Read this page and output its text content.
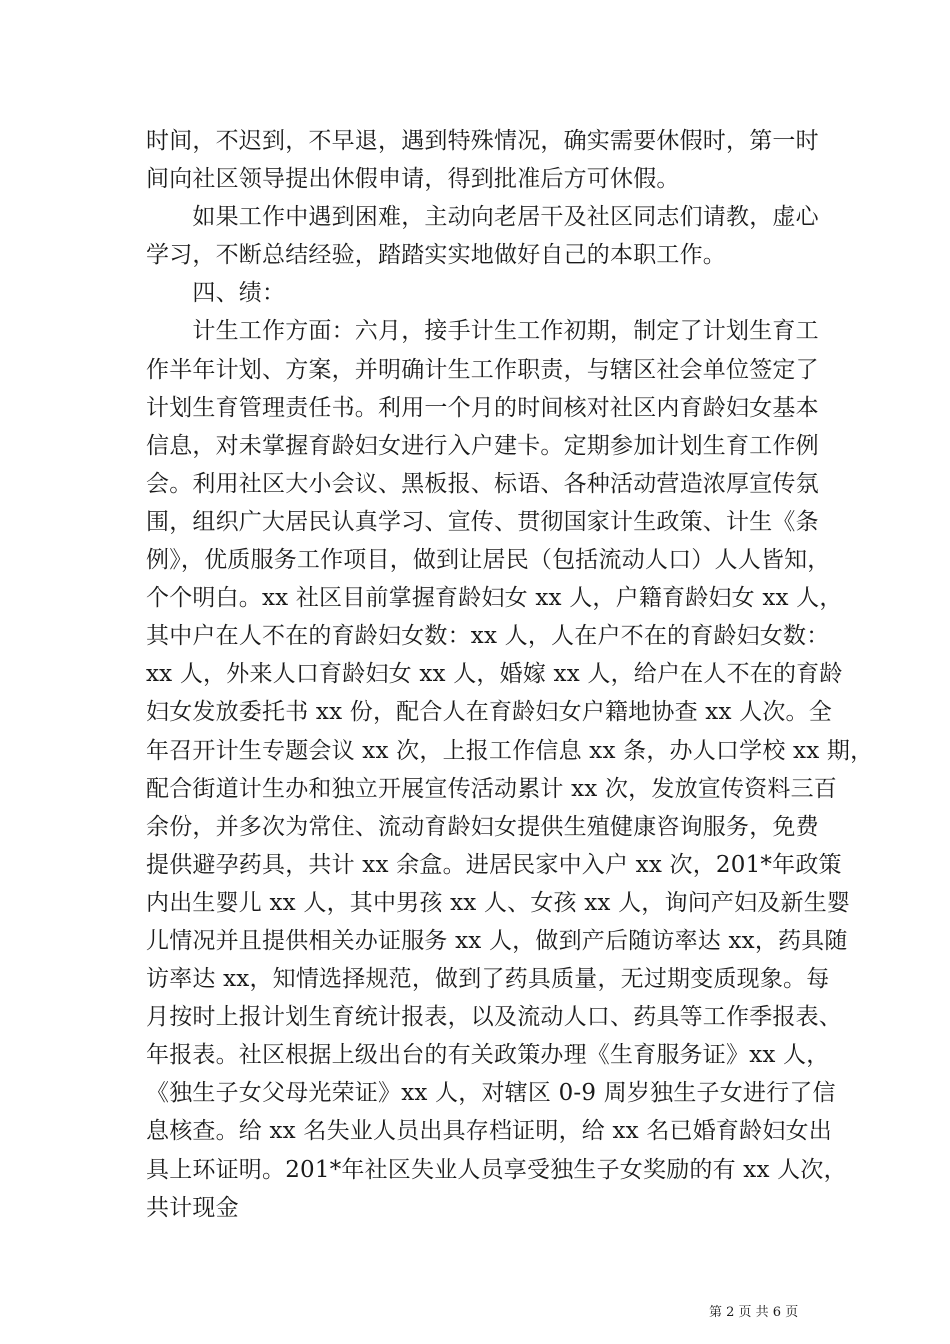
时间，不迟到，不早退，遇到特殊情况，确实需要休假时，第一时
间向社区领导提出休假申请，得到批准后方可休假。
　　如果工作中遇到困难，主动向老居干及社区同志们请教，虚心
学习，不断总结经验，踏踏实实地做好自己的本职工作。
　　四、绩：
　　计生工作方面：六月，接手计生工作初期，制定了计划生育工
作半年计划、方案，并明确计生工作职责，与辖区社会单位签定了
计划生育管理责任书。利用一个月的时间核对社区内育龄妇女基本
信息，对未掌握育龄妇女进行入户建卡。定期参加计划生育工作例
会。利用社区大小会议、黑板报、标语、各种活动营造浓厚宣传氛
围，组织广大居民认真学习、宣传、贯彻国家计生政策、计生《条
例》，优质服务工作项目，做到让居民（包括流动人口）人人皆知，
个个明白。xx 社区目前掌握育龄妇女 xx 人，户籍育龄妇女 xx 人，
其中户在人不在的育龄妇女数：xx 人，人在户不在的育龄妇女数：
xx 人，外来人口育龄妇女 xx 人，婚嫁 xx 人，给户在人不在的育龄
妇女发放委托书 xx 份，配合人在育龄妇女户籍地协查 xx 人次。全
年召开计生专题会议 xx 次，上报工作信息 xx 条，办人口学校 xx 期，
配合街道计生办和独立开展宣传活动累计 xx 次，发放宣传资料三百
余份，并多次为常住、流动育龄妇女提供生殖健康咨询服务，免费
提供避孕药具，共计 xx 余盒。进居民家中入户 xx 次，201*年政策
内出生婴儿 xx 人，其中男孩 xx 人、女孩 xx 人，询问产妇及新生婴
儿情况并且提供相关办证服务 xx 人，做到产后随访率达 xx，药具随
访率达 xx，知情选择规范，做到了药具质量，无过期变质现象。每
月按时上报计划生育统计报表，以及流动人口、药具等工作季报表、
年报表。社区根据上级出台的有关政策办理《生育服务证》xx 人，
《独生子女父母光荣证》xx 人，对辖区 0-9 周岁独生子女进行了信
息核查。给 xx 名失业人员出具存档证明，给 xx 名已婚育龄妇女出
具上环证明。201*年社区失业人员享受独生子女奖励的有 xx 人次，
共计现金
第 2 页 共 6 页
